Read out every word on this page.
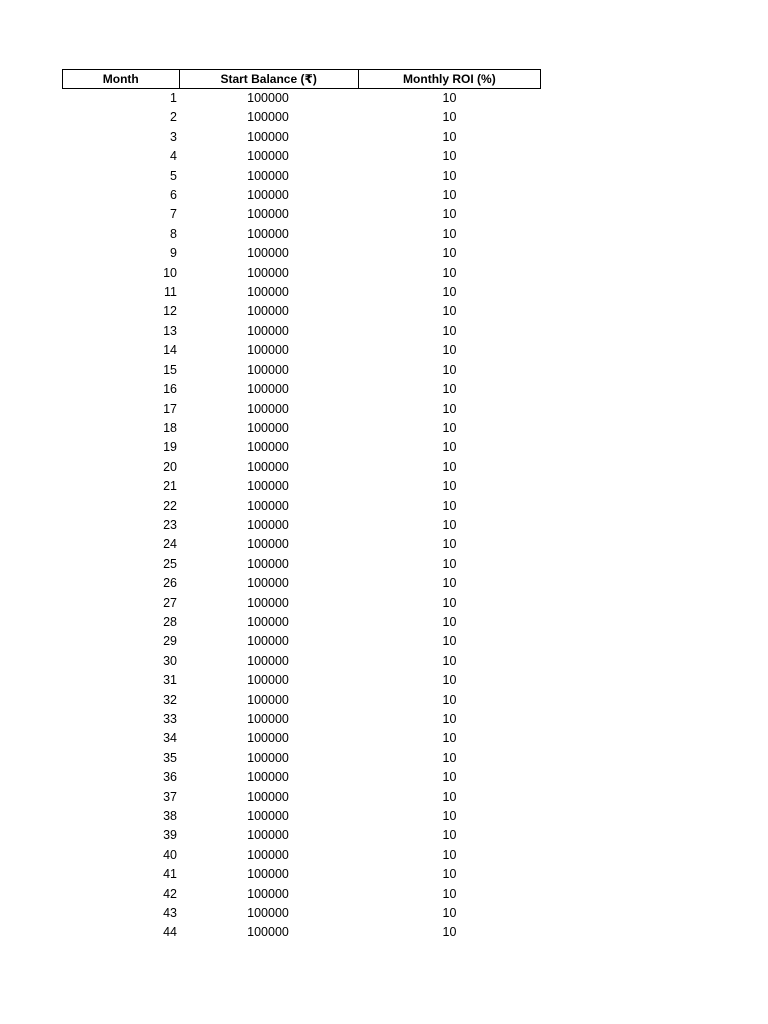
Month	Start Balance (₹)	Monthly ROI (%)
1	100000	10
2	100000	10
3	100000	10
4	100000	10
5	100000	10
6	100000	10
7	100000	10
8	100000	10
9	100000	10
10	100000	10
11	100000	10
12	100000	10
13	100000	10
14	100000	10
15	100000	10
16	100000	10
17	100000	10
18	100000	10
19	100000	10
20	100000	10
21	100000	10
22	100000	10
23	100000	10
24	100000	10
25	100000	10
26	100000	10
27	100000	10
28	100000	10
29	100000	10
30	100000	10
31	100000	10
32	100000	10
33	100000	10
34	100000	10
35	100000	10
36	100000	10
37	100000	10
38	100000	10
39	100000	10
40	100000	10
41	100000	10
42	100000	10
43	100000	10
44	100000	10
